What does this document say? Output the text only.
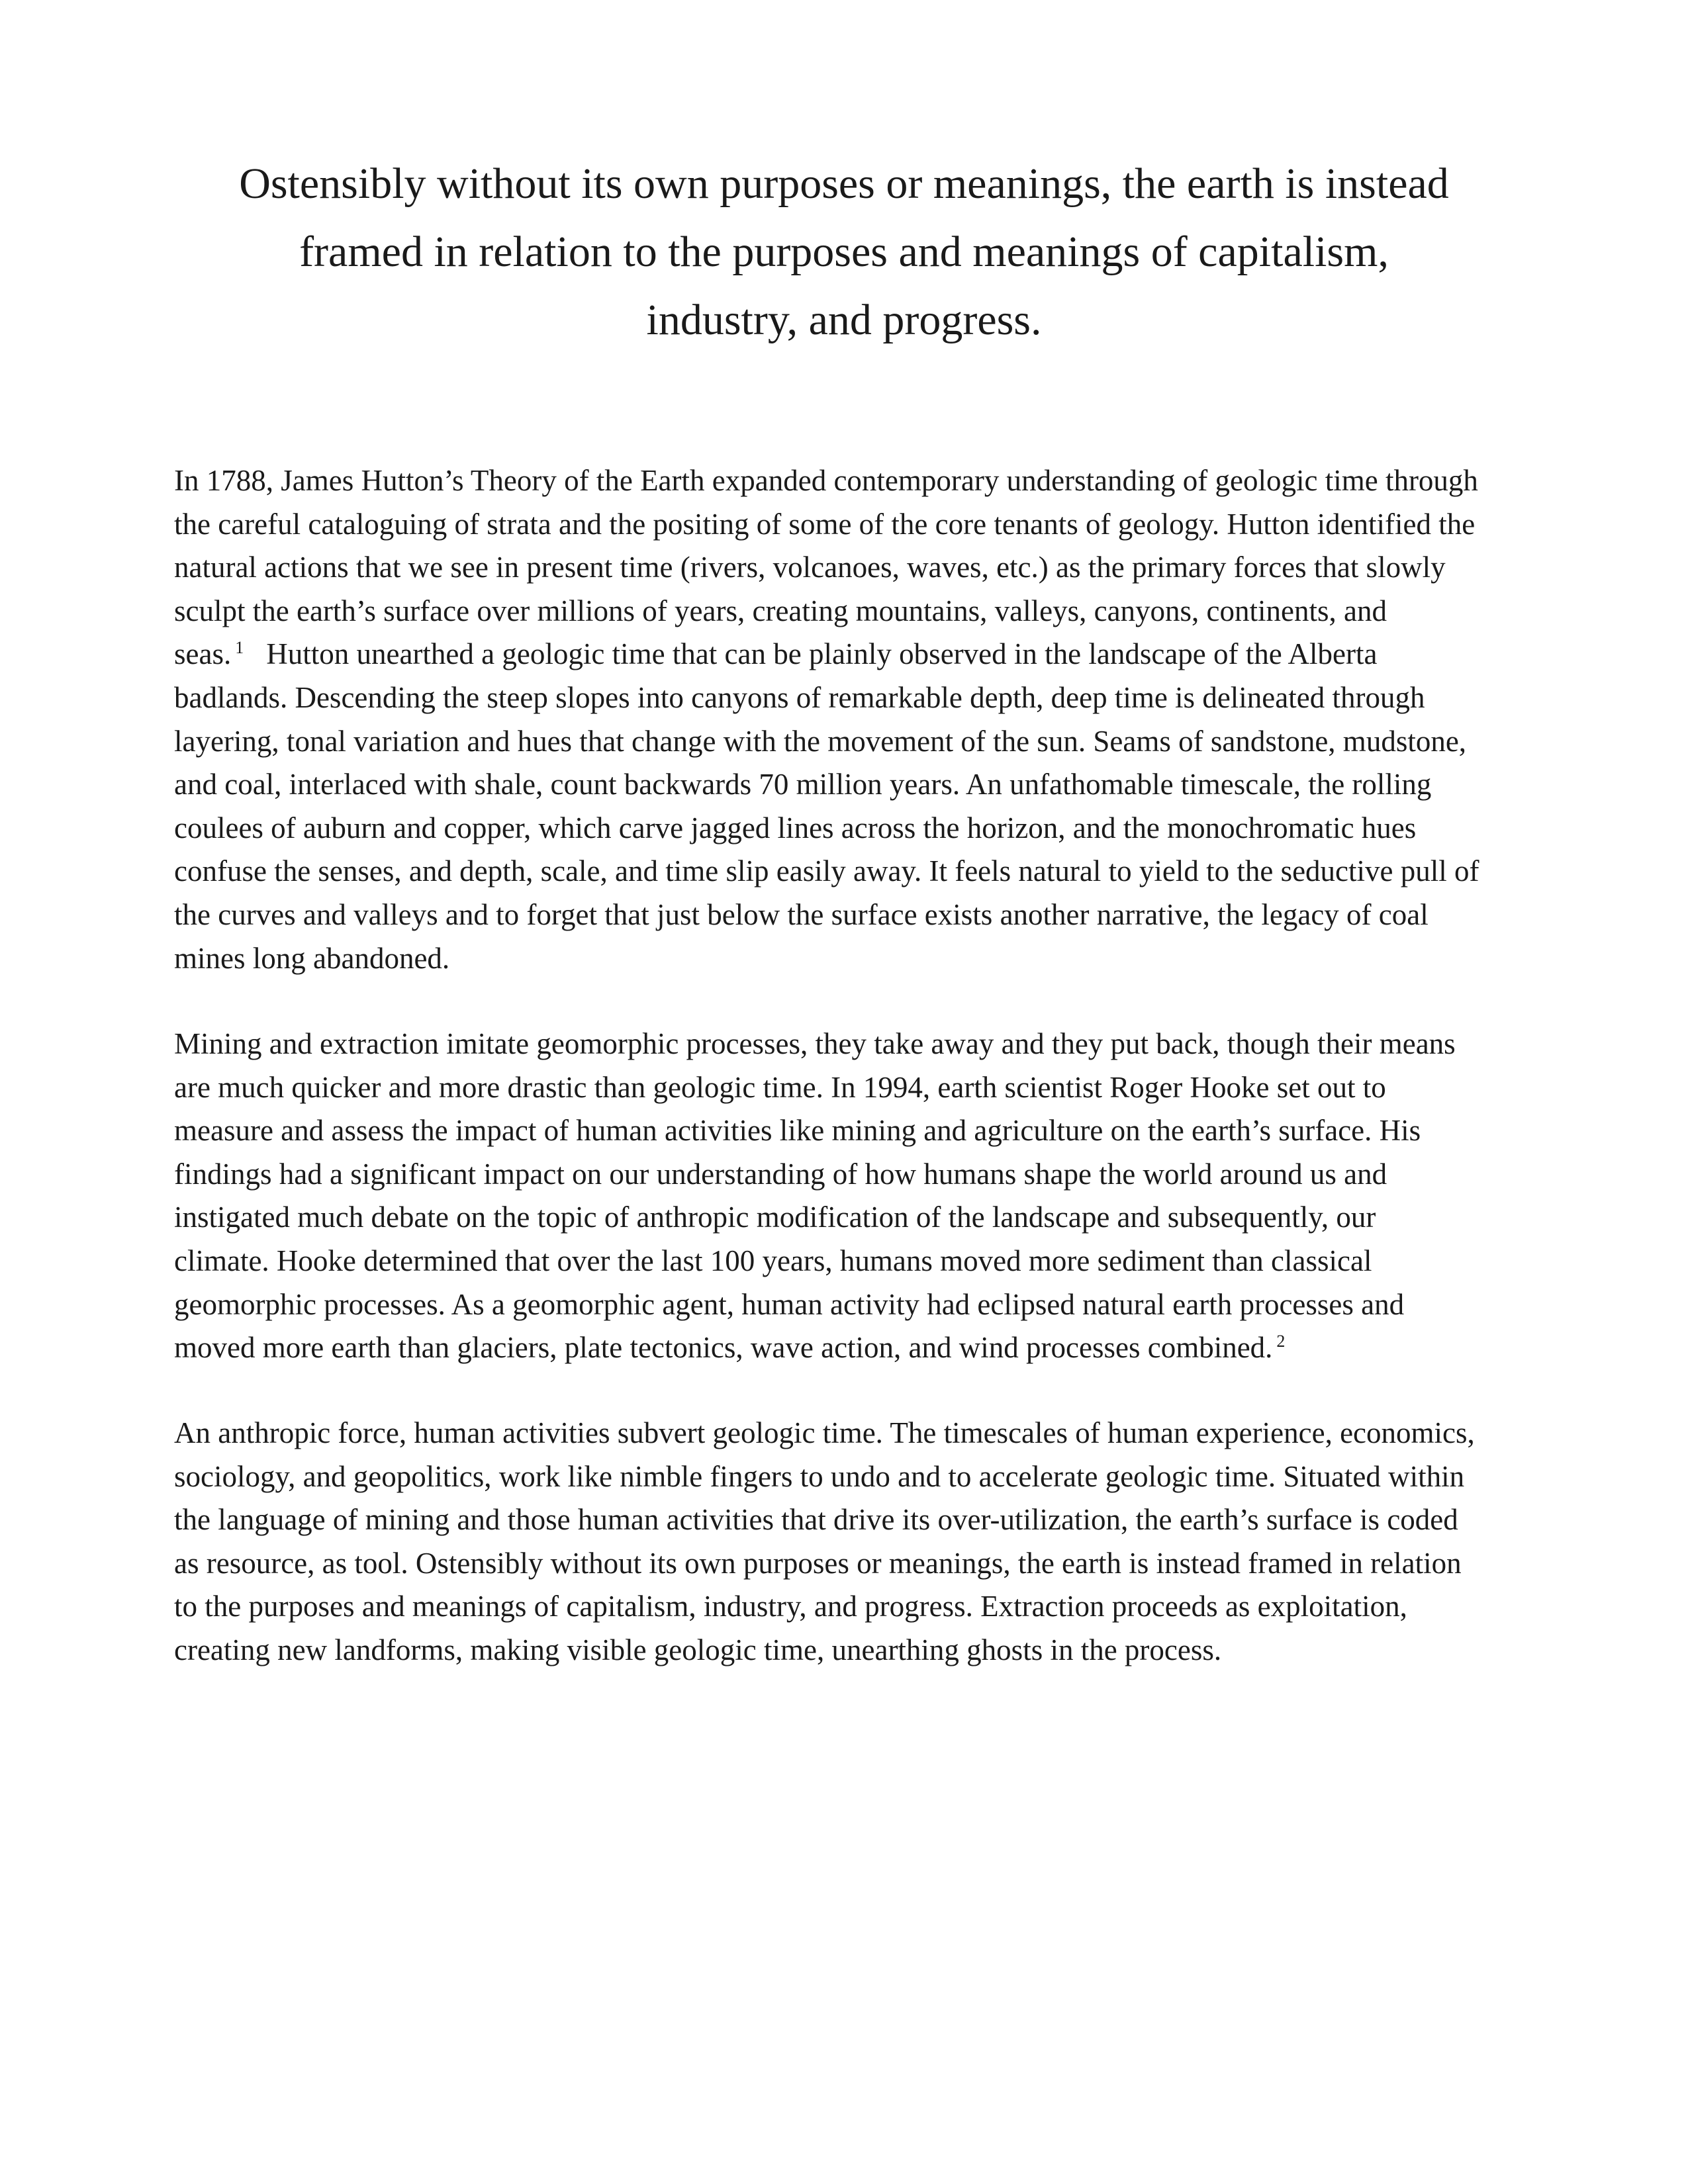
Ostensibly without its own purposes or meanings, the earth is instead
framed in relation to the purposes and meanings of capitalism,
industry, and progress.
In 1788, James Hutton’s Theory of the Earth expanded contemporary understanding of geologic time through
the careful cataloguing of strata and the positing of some of the core tenants of geology. Hutton identified the
natural actions that we see in present time (rivers, volcanoes, waves, etc.) as the primary forces that slowly
sculpt the earth’s surface over millions of years, creating mountains, valleys, canyons, continents, and
seas. $^1$ Hutton unearthed a geologic time that can be plainly observed in the landscape of the Alberta
badlands. Descending the steep slopes into canyons of remarkable depth, deep time is delineated through
layering, tonal variation and hues that change with the movement of the sun. Seams of sandstone, mudstone,
and coal, interlaced with shale, count backwards 70 million years. An unfathomable timescale, the rolling
coulees of auburn and copper, which carve jagged lines across the horizon, and the monochromatic hues
confuse the senses, and depth, scale, and time slip easily away. It feels natural to yield to the seductive pull of
the curves and valleys and to forget that just below the surface exists another narrative, the legacy of coal
mines long abandoned.
Mining and extraction imitate geomorphic processes, they take away and they put back, though their means
are much quicker and more drastic than geologic time. In 1994, earth scientist Roger Hooke set out to
measure and assess the impact of human activities like mining and agriculture on the earth’s surface. His
findings had a significant impact on our understanding of how humans shape the world around us and
instigated much debate on the topic of anthropic modification of the landscape and subsequently, our
climate. Hooke determined that over the last 100 years, humans moved more sediment than classical
geomorphic processes. As a geomorphic agent, human activity had eclipsed natural earth processes and
moved more earth than glaciers, plate tectonics, wave action, and wind processes combined. $^2$
An anthropic force, human activities subvert geologic time. The timescales of human experience, economics,
sociology, and geopolitics, work like nimble fingers to undo and to accelerate geologic time. Situated within
the language of mining and those human activities that drive its over-utilization, the earth’s surface is coded
as resource, as tool. Ostensibly without its own purposes or meanings, the earth is instead framed in relation
to the purposes and meanings of capitalism, industry, and progress. Extraction proceeds as exploitation,
creating new landforms, making visible geologic time, unearthing ghosts in the process.
